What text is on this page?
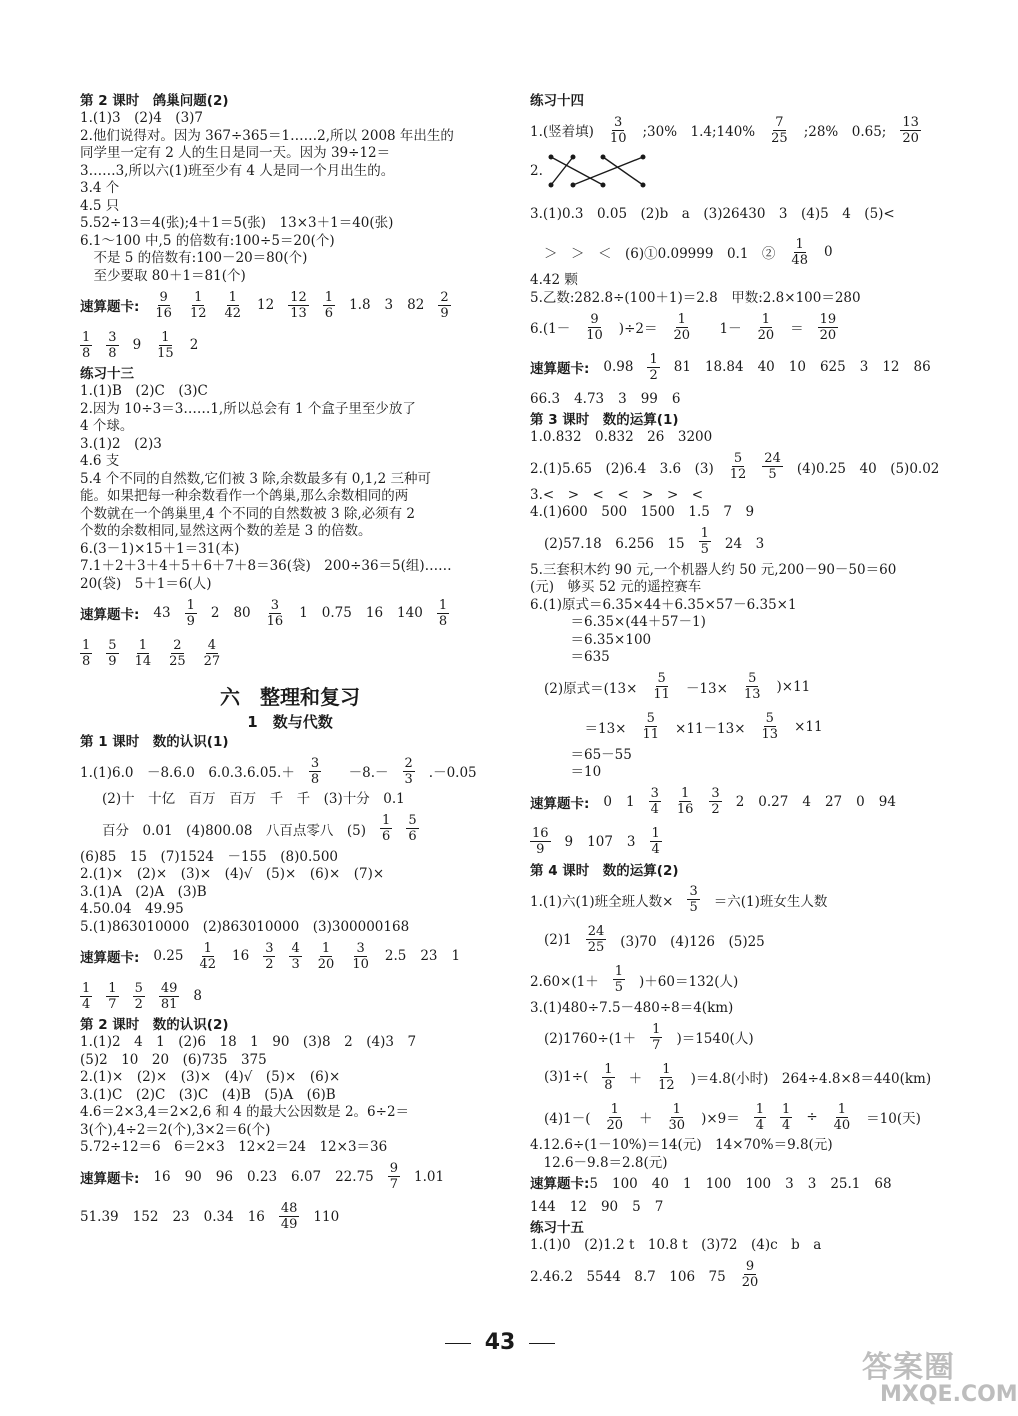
第 2 课时　鸽巢问题(2)
1.(1)3　(2)4　(3)7
2.他们说得对。因为 367÷365＝1……2,所以 2008 年出生的
同学里一定有 2 人的生日是同一天。因为 39÷12＝
3……3,所以六(1)班至少有 4 人是同一个月出生的。
3.4 个
4.5 只
5.52÷13＝4(张);4＋1＝5(张)　13×3＋1＝40(张)
6.1～100 中,5 的倍数有:100÷5＝20(个)
　不是 5 的倍数有:100－20＝80(个)
　至少要取 80＋1＝81(个)
速算题卡: $\frac{9}{16} \frac{1}{12} \frac{1}{42} 12 \frac{12}{13} \frac{1}{6} 1.8$ 3 $82 \frac{2}{9}$
$\frac{1}{8} \frac{3}{8} 9 \frac{1}{15} 2$
练习十三
1.(1)B　(2)C　(3)C
2.因为 10÷3＝3……1,所以总会有 1 个盒子里至少放了
4 个球。
3.(1)2　(2)3
4.6 支
5.4 个不同的自然数,它们被 3 除,余数最多有 0,1,2 三种可
能。如果把每一种余数看作一个鸽巢,那么余数相同的两
个数就在一个鸽巢里,4 个不同的自然数被 3 除,必须有 2
个数的余数相同,显然这两个数的差是 3 的倍数。
6.(3－1)×15＋1＝31(本)
7.1＋2＋3＋4＋5＋6＋7＋8＝36(袋)　200÷36＝5(组)……
20(袋)　5＋1＝6(人)
速算题卡: $43 \frac{1}{9} 2$ $80 \frac{3}{16} 1$ 0.75 16 $140 \frac{1}{8}$
$\frac{1}{8} \frac{5}{9} \frac{1}{14} \frac{2}{25} \frac{4}{27}$
六　整理和复习
1　数与代数
第 1 课时　数的认识(1)
1.(1)6.0　－8.6.0　$6.0.3.6.05.+ \frac{3}{8}$ 　$-8.- \frac{2}{3} .-0.05$
(2)十　十亿　百万　百万　千　千　(3)十分　0.1
百分　0.01　(4)800.08　八百点零八　$(5) \frac{1}{6} \frac{5}{6}$
(6)85　15　(7)1524　－155　(8)0.500
2.(1)×　(2)×　(3)×　(4)√　(5)×　(6)×　(7)×
3.(1)A　(2)A　(3)B
4.50.04　49.95
5.(1)863010000　(2)863010000　(3)300000168
速算题卡: $0.25 \frac{1}{42} 16 \frac{3}{2} \frac{4}{3} \frac{1}{20} \frac{3}{10} 2.5$ 23 1
$\frac{1}{4} \frac{1}{7} \frac{5}{2} \frac{49}{81} 8$
第 2 课时　数的认识(2)
1.(1)2　4　1　(2)6　18　1　90　(3)8　2　(4)3　7
(5)2　10　20　(6)735　375
2.(1)×　(2)×　(3)×　(4)√　(5)×　(6)×
3.(1)C　(2)C　(3)C　(4)B　(5)A　(6)B
4.6＝2×3,4＝2×2,6 和 4 的最大公因数是 2。6÷2＝
3(个),4÷2＝2(个),3×2＝6(个)
5.72÷12＝6　6＝2×3　12×2＝24　12×3＝36
速算题卡: 16 90 96 0.23 6.07 $22.75 \frac{9}{7} 1.01$
51.39 152 23 0.34 $16 \frac{48}{49} 110$
练习十四
1.(竖着填) $\frac{3}{10}$ ;30%　1.4;140% $\frac{7}{25}$ ;28%　0.65; $\frac{13}{20}$
2.
3.(1)0.3　0.05　(2)b　a　(3)26430　3　(4)5　4　(5)<

＞　＞　＜　(6)①0.09999　0.1　② $\frac{1}{48} 0$
4.42 颗
5.乙数:282.8÷(100＋1)＝2.8　甲数:2.8×100＝280
$6.(1- \frac{9}{10} )\div 2= \frac{1}{20}$ 　$1- \frac{1}{20} = \frac{19}{20}$
速算题卡: $0.98 \frac{1}{2} 81$ 18.84 40 10 625 3 12 86
66.3 4.73 3 99 6
第 3 课时　数的运算(1)
1.0.832　0.832　26　3200
2.(1)5.65　(2)6.4　3.6　$(3) \frac{5}{12} \frac{24}{5} (4)0.25$　40　(5)0.02
3.<　>　<　<　>　>　<
4.(1)600　500　1500　1.5　7　9
(2)57.18　6.256　$15 \frac{1}{5} 24$　3
5.三套积木约 90 元,一个机器人约 50 元,200－90－50＝60
(元)　够买 52 元的遥控赛车
6.(1)原式＝6.35×44＋6.35×57－6.35×1
　　　＝6.35×(44＋57－1)
　　　＝6.35×100
　　　＝635
(2)原式$=(13\times \frac{5}{11} -13\times \frac{5}{13} )\times 11$

　　　$=13\times \frac{5}{11} \times 11-13\times \frac{5}{13} \times 11$
　　　＝65－55
　　　＝10
速算题卡: 0 $1 \frac{3}{4} \frac{1}{16} \frac{3}{2} 2$ 0.27 4 27 0 94
$\frac{16}{9} 9$ 107 $3 \frac{1}{4}$
第 4 课时　数的运算(2)
1.(1)六(1)班全班人数× $\frac{3}{5}$ ＝六(1)班女生人数

$(2)1 \frac{24}{25} (3)70$　(4)126　(5)25

$2.60\times(1+ \frac{1}{5} )+60=132$(人)
3.(1)480÷7.5－480÷8＝4(km)
$(2)1760\div(1+ \frac{1}{7} )=1540$(人)

$(3)1\div( \frac{1}{8} + \frac{1}{12} )=4.8$(小时)　264÷4.8×8＝440(km)

$(4)1-( \frac{1}{20} + \frac{1}{30} )\times 9= \frac{1}{4} \frac{1}{4} \div \frac{1}{40} =10$(天)
4.12.6÷(1－10%)＝14(元)　14×70%＝9.8(元)
　12.6－9.8＝2.8(元)
速算题卡: 5 100 40 1 100 100 3 3 25.1 68
144 12 90 5 7
练习十五
1.(1)0　(2)1.2 t　10.8 t　(3)72　(4)c　b　a
2.46.2　5544　8.7　106　$75 \frac{9}{20}$
43
答案圈
MXQE.COM
